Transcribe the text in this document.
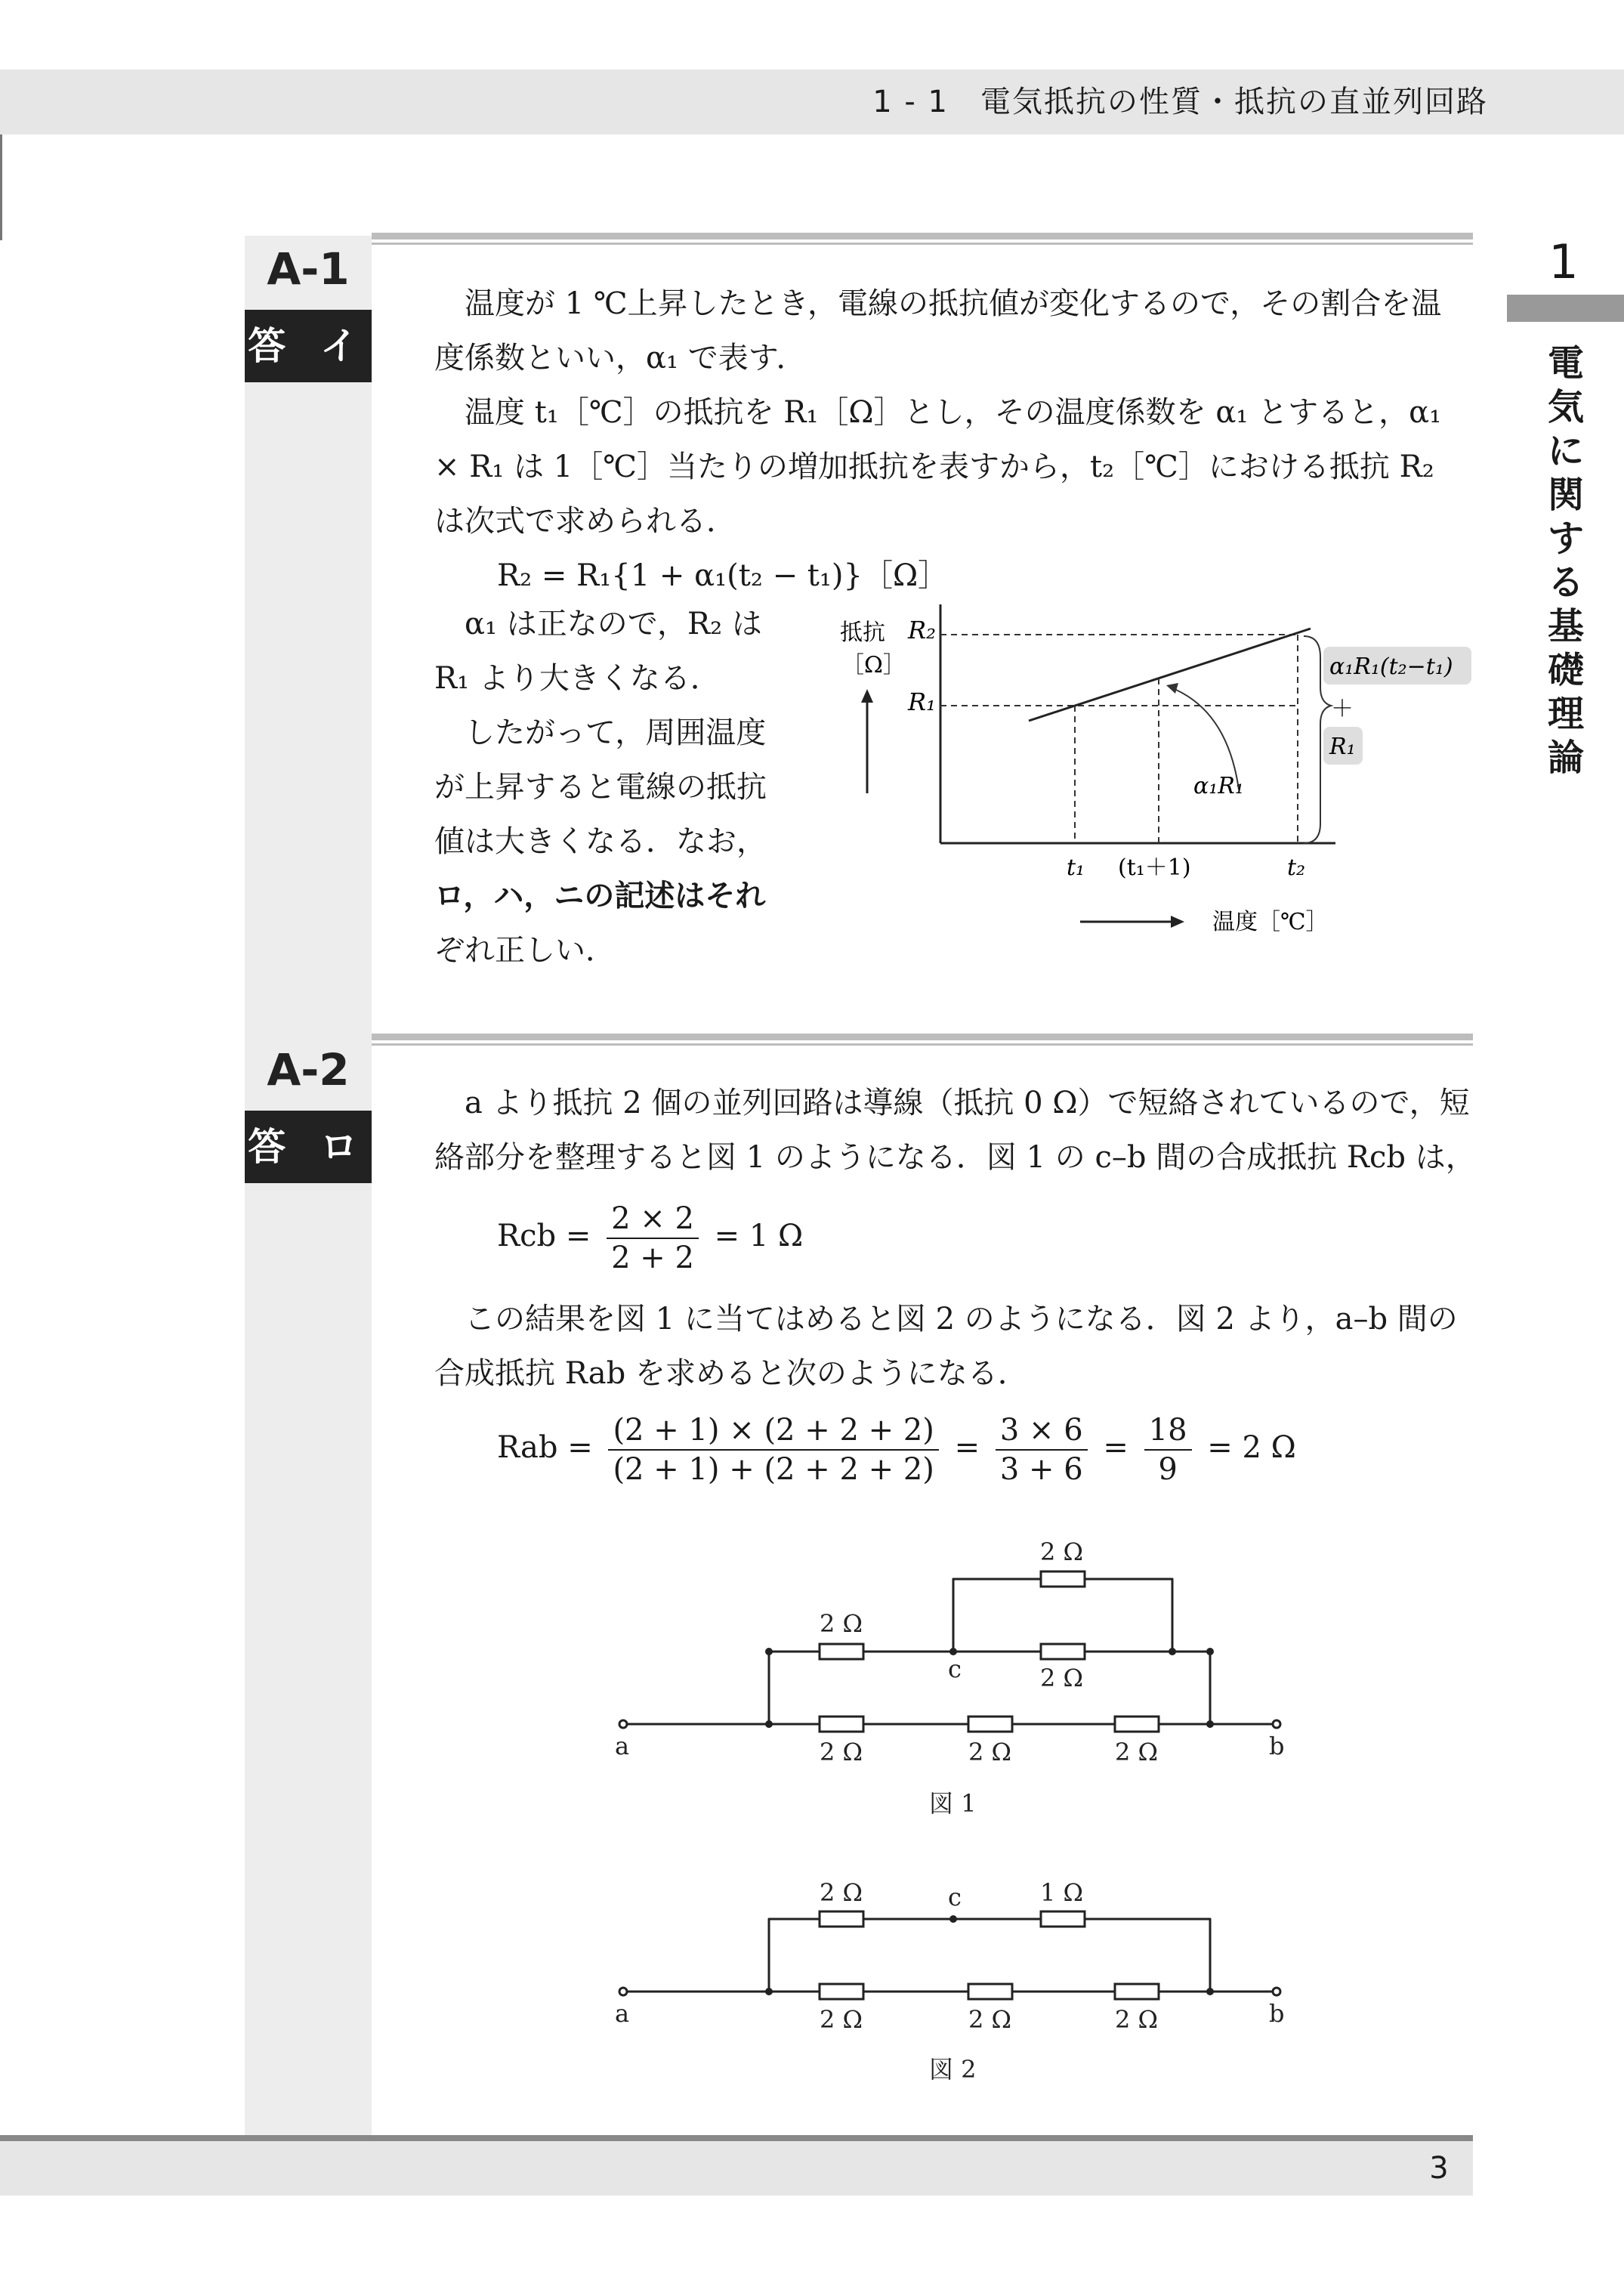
1 - 1　電気抵抗の性質・抵抗の直並列回路
1
電気に関する基礎理論
A-1
答 イ
温度が 1 ℃上昇したとき，電線の抵抗値が変化するので，その割合を温
度係数といい，α₁ で表す．
温度 t₁［℃］の抵抗を R₁［Ω］とし，その温度係数を α₁ とすると，α₁
× R₁ は 1［℃］当たりの増加抵抗を表すから，t₂［℃］における抵抗 R₂
は次式で求められる．
R₂ = R₁{1 + α₁(t₂ − t₁)}［Ω］
α₁ は正なので，R₂ は
R₁ より大きくなる．
したがって，周囲温度
が上昇すると電線の抵抗
値は大きくなる．なお，
ロ，ハ，ニの記述はそれ
ぞれ正しい．
抵抗
［Ω］
R₂
R₁
α₁R₁
t₁ (t₁＋1)	t₂
温度［℃］
α₁R₁(t₂−t₁)
＋
R₁
A-2
答 ロ
a より抵抗 2 個の並列回路は導線（抵抗 0 Ω）で短絡されているので，短
絡部分を整理すると図 1 のようになる．図 1 の c–b 間の合成抵抗 Rcb は，
Rcb = $\frac{2 \times 2}{2 + 2} = 1$ Ω
この結果を図 1 に当てはめると図 2 のようになる．図 2 より，a–b 間の
合成抵抗 Rab を求めると次のようになる．
Rab = $\frac{(2 + 1) \times (2 + 2 + 2)}{(2 + 1) + (2 + 2 + 2)} = \frac{3 \times 6}{3 + 6} = \frac{18}{9} = 2$ Ω
2 Ω
2 Ω
c	2 Ω
a	b
2 Ω	2 Ω	2 Ω
図 1
2 Ω	c	1 Ω
a	b
2 Ω	2 Ω	2 Ω
図 2
3
